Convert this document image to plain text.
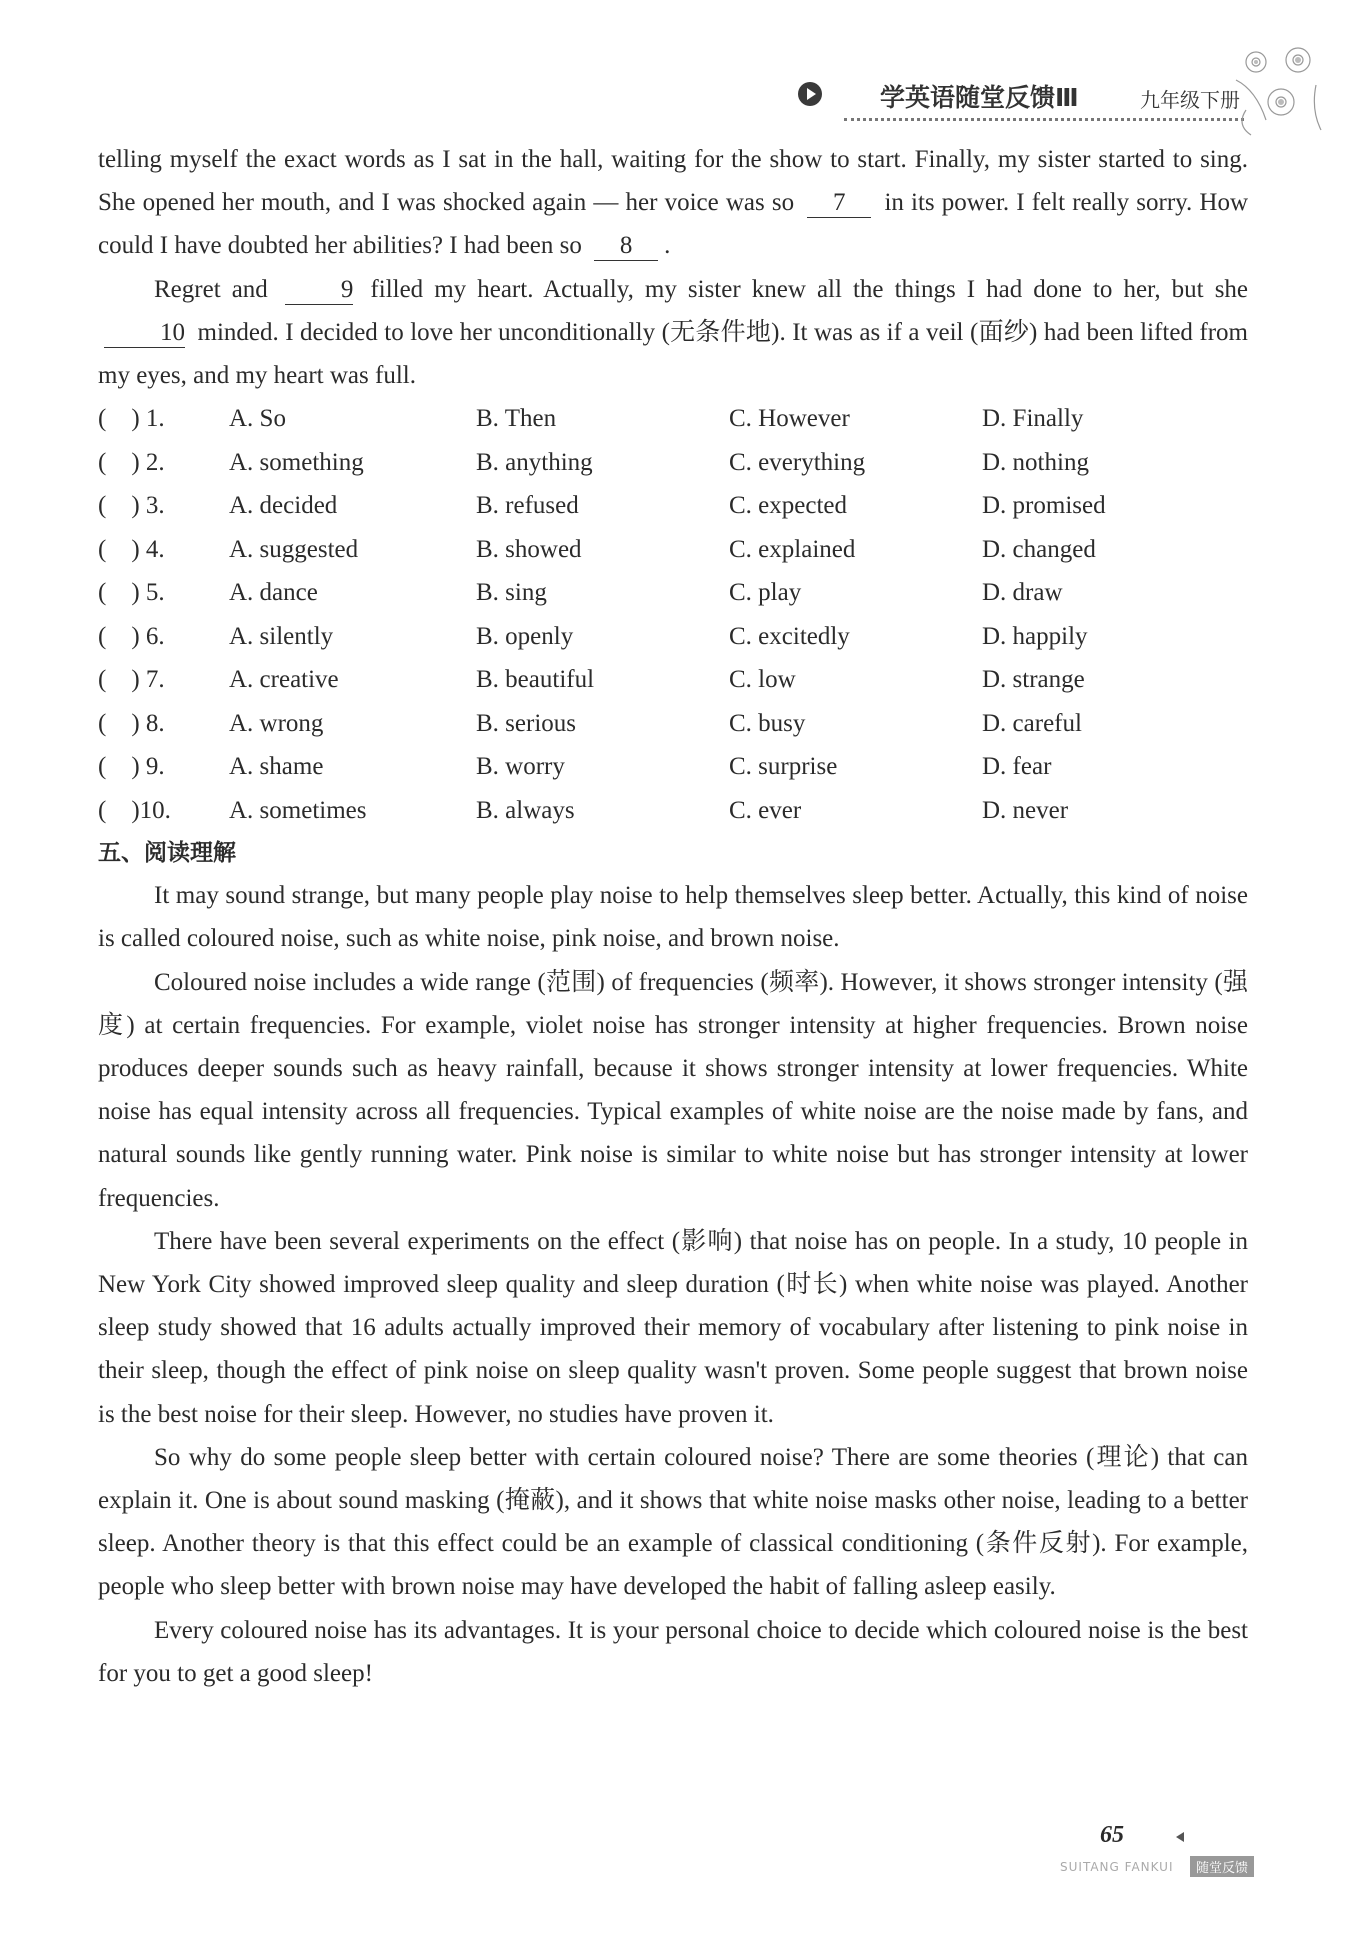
学英语随堂反馈Ⅲ	九年级下册

telling myself the exact words as I sat in the hall, waiting for the show to start. Finally, my sister started to sing. She opened her mouth, and I was shocked again — her voice was so 7 in its power. I felt really sorry. How could I have doubted her abilities? I had been so 8 .

Regret and	9 filled my heart. Actually, my sister knew all the things I had done to her, but she 10 minded. I decided to love her unconditionally (无条件地). It was as if a veil (面纱) had been lifted from my eyes, and my heart was full.

(    ) 1.	A. So	B. Then	C. However	D. Finally
(    ) 2.	A. something	B. anything	C. everything	D. nothing
(    ) 3.	A. decided	B. refused	C. expected	D. promised
(    ) 4.	A. suggested	B. showed	C. explained	D. changed
(    ) 5.	A. dance	B. sing	C. play	D. draw
(    ) 6.	A. silently	B. openly	C. excitedly	D. happily
(    ) 7.	A. creative	B. beautiful	C. low	D. strange
(    ) 8.	A. wrong	B. serious	C. busy	D. careful
(    ) 9.	A. shame	B. worry	C. surprise	D. fear
(    )10.	A. sometimes	B. always	C. ever	D. never
五、阅读理解

It may sound strange, but many people play noise to help themselves sleep better. Actually, this kind of noise is called coloured noise, such as white noise, pink noise, and brown noise.

Coloured noise includes a wide range (范围) of frequencies (频率). However, it shows stronger intensity (强度) at certain frequencies. For example, violet noise has stronger intensity at higher frequencies. Brown noise produces deeper sounds such as heavy rainfall, because it shows stronger intensity at lower frequencies. White noise has equal intensity across all frequencies. Typical examples of white noise are the noise made by fans, and natural sounds like gently running water. Pink noise is similar to white noise but has stronger intensity at lower frequencies.

There have been several experiments on the effect (影响) that noise has on people. In a study, 10 people in New York City showed improved sleep quality and sleep duration (时长) when white noise was played. Another sleep study showed that 16 adults actually improved their memory of vocabulary after listening to pink noise in their sleep, though the effect of pink noise on sleep quality wasn't proven. Some people suggest that brown noise is the best noise for their sleep. However, no studies have proven it.

So why do some people sleep better with certain coloured noise? There are some theories (理论) that can explain it. One is about sound masking (掩蔽), and it shows that white noise masks other noise, leading to a better sleep. Another theory is that this effect could be an example of classical conditioning (条件反射). For example, people who sleep better with brown noise may have developed the habit of falling asleep easily.

Every coloured noise has its advantages. It is your personal choice to decide which coloured noise is the best for you to get a good sleep!

65
SUITANG FANKUI	随堂反馈
